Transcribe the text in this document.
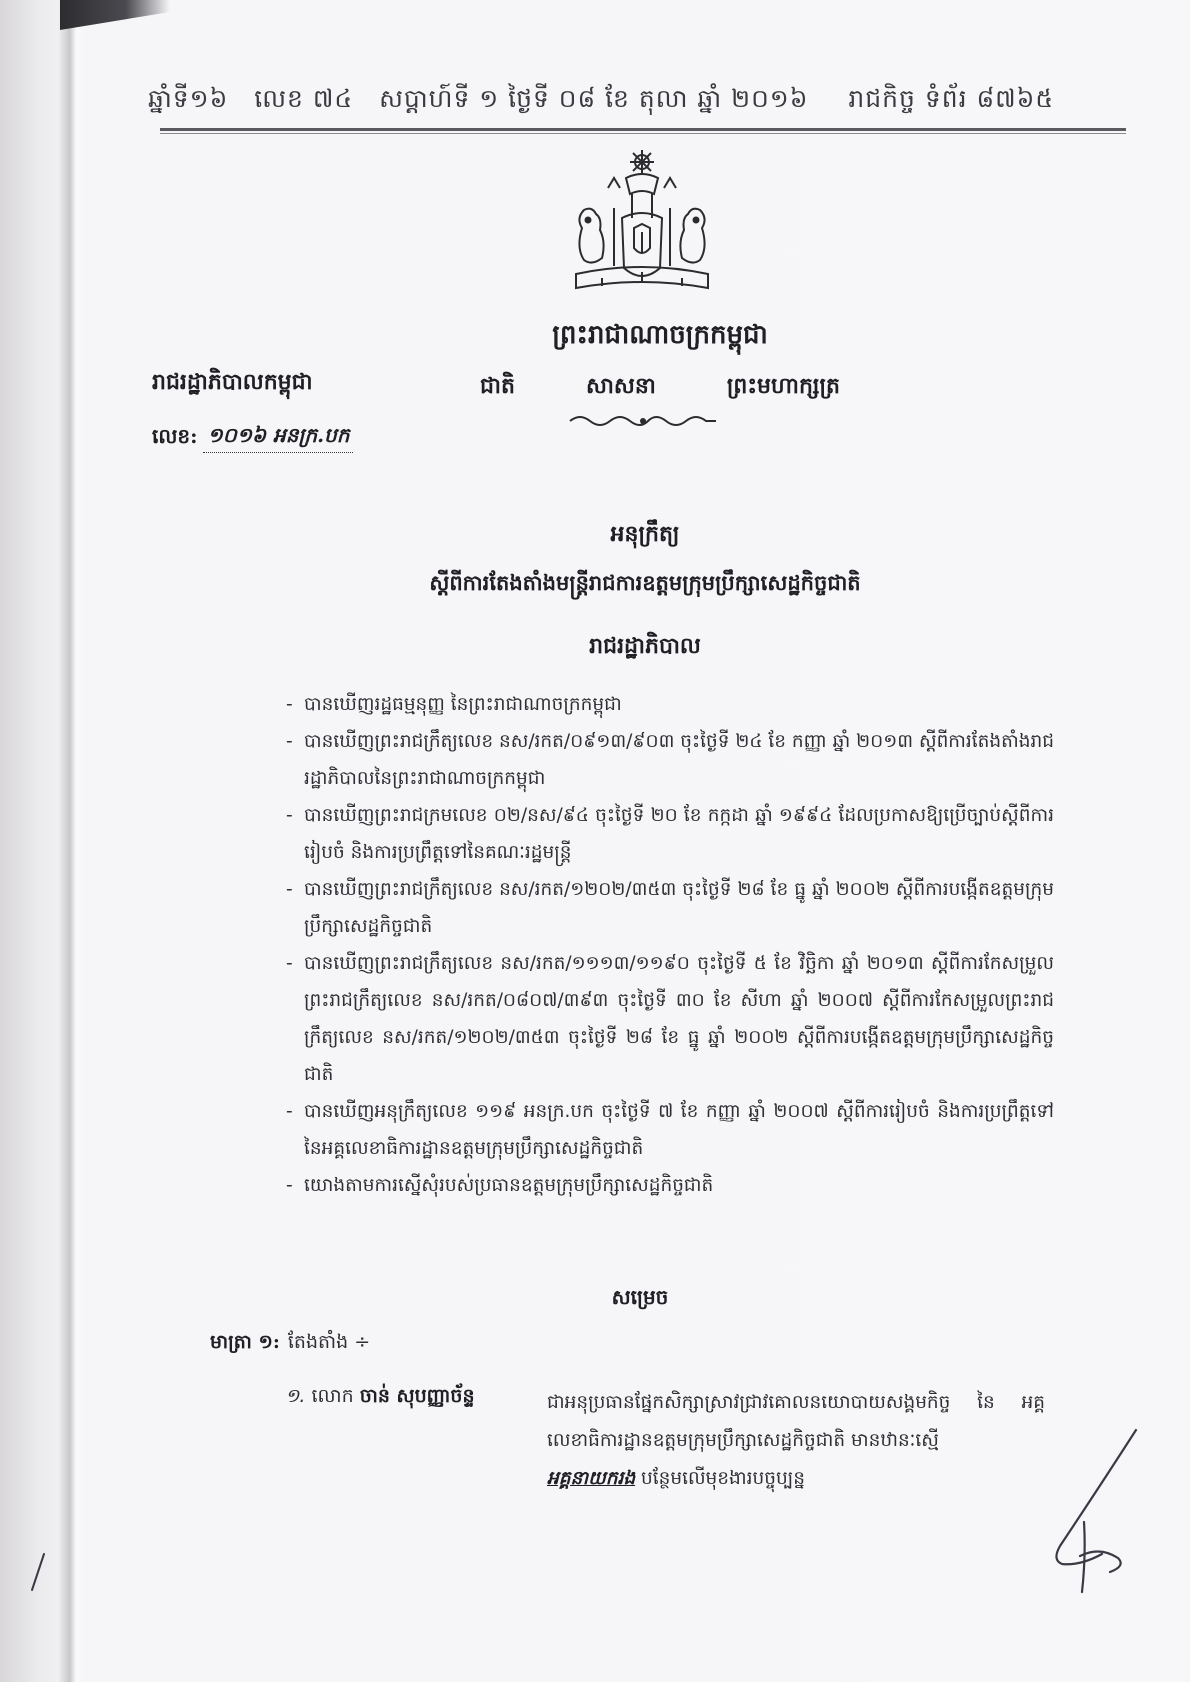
ឆ្នាំទី១៦ លេខ ៧៤ សប្តាហ៍ទី ១ ថ្ងៃទី ០៨ ខែ តុលា ឆ្នាំ ២០១៦ រាជកិច្ច ទំព័រ ៨៧៦៥
ព្រះរាជាណាចក្រកម្ពុជា
ជាតិ	សាសនា	ព្រះមហាក្សត្រ
រាជរដ្ឋាភិបាលកម្ពុជា
លេខ: ១០១៦ អនក្រ.បក
អនុក្រឹត្យ
ស្តីពីការតែងតាំងមន្ត្រីរាជការឧត្តមក្រុមប្រឹក្សាសេដ្ឋកិច្ចជាតិ
រាជរដ្ឋាភិបាល
- បានឃើញរដ្ឋធម្មនុញ្ញ នៃព្រះរាជាណាចក្រកម្ពុជា
- បានឃើញព្រះរាជក្រឹត្យលេខ នស/រកត/០៩១៣/៩០៣ ចុះថ្ងៃទី ២៤ ខែ កញ្ញា ឆ្នាំ ២០១៣ ស្តីពីការតែងតាំងរាជរដ្ឋាភិបាលនៃព្រះរាជាណាចក្រកម្ពុជា
- បានឃើញព្រះរាជក្រមលេខ ០២/នស/៩៤ ចុះថ្ងៃទី ២០ ខែ កក្កដា ឆ្នាំ ១៩៩៤ ដែលប្រកាសឱ្យប្រើច្បាប់ស្តីពីការរៀបចំ និងការប្រព្រឹត្តទៅនៃគណៈរដ្ឋមន្ត្រី
- បានឃើញព្រះរាជក្រឹត្យលេខ នស/រកត/១២០២/៣៥៣ ចុះថ្ងៃទី ២៨ ខែ ធ្នូ ឆ្នាំ ២០០២ ស្តីពីការបង្កើតឧត្តមក្រុមប្រឹក្សាសេដ្ឋកិច្ចជាតិ
- បានឃើញព្រះរាជក្រឹត្យលេខ នស/រកត/១១១៣/១១៩០ ចុះថ្ងៃទី ៥ ខែ វិច្ឆិកា ឆ្នាំ ២០១៣ ស្តីពីការកែសម្រួលព្រះរាជក្រឹត្យលេខ នស/រកត/០៨០៧/៣៩៣ ចុះថ្ងៃទី ៣០ ខែ សីហា ឆ្នាំ ២០០៧ ស្តីពីការកែសម្រួលព្រះរាជក្រឹត្យលេខ នស/រកត/១២០២/៣៥៣ ចុះថ្ងៃទី ២៨ ខែ ធ្នូ ឆ្នាំ ២០០២ ស្តីពីការបង្កើតឧត្តមក្រុមប្រឹក្សាសេដ្ឋកិច្ចជាតិ
- បានឃើញអនុក្រឹត្យលេខ ១១៩ អនក្រ.បក ចុះថ្ងៃទី ៧ ខែ កញ្ញា ឆ្នាំ ២០០៧ ស្តីពីការរៀបចំ និងការប្រព្រឹត្តទៅនៃអគ្គលេខាធិការដ្ឋានឧត្តមក្រុមប្រឹក្សាសេដ្ឋកិច្ចជាតិ
- យោងតាមការស្នើសុំរបស់ប្រធានឧត្តមក្រុមប្រឹក្សាសេដ្ឋកិច្ចជាតិ
សម្រេច
មាត្រា ១: តែងតាំង ÷
១. លោក ចាន់ សុបញ្ញាច័ន្ទ	ជាអនុប្រធានផ្នែកសិក្សាស្រាវជ្រាវគោលនយោបាយសង្គមកិច្ច នៃ អគ្គលេខាធិការដ្ឋានឧត្តមក្រុមប្រឹក្សាសេដ្ឋកិច្ចជាតិ មានឋានៈស្មើ
អគ្គនាយករង បន្ថែមលើមុខងារបច្ចុប្បន្ន
